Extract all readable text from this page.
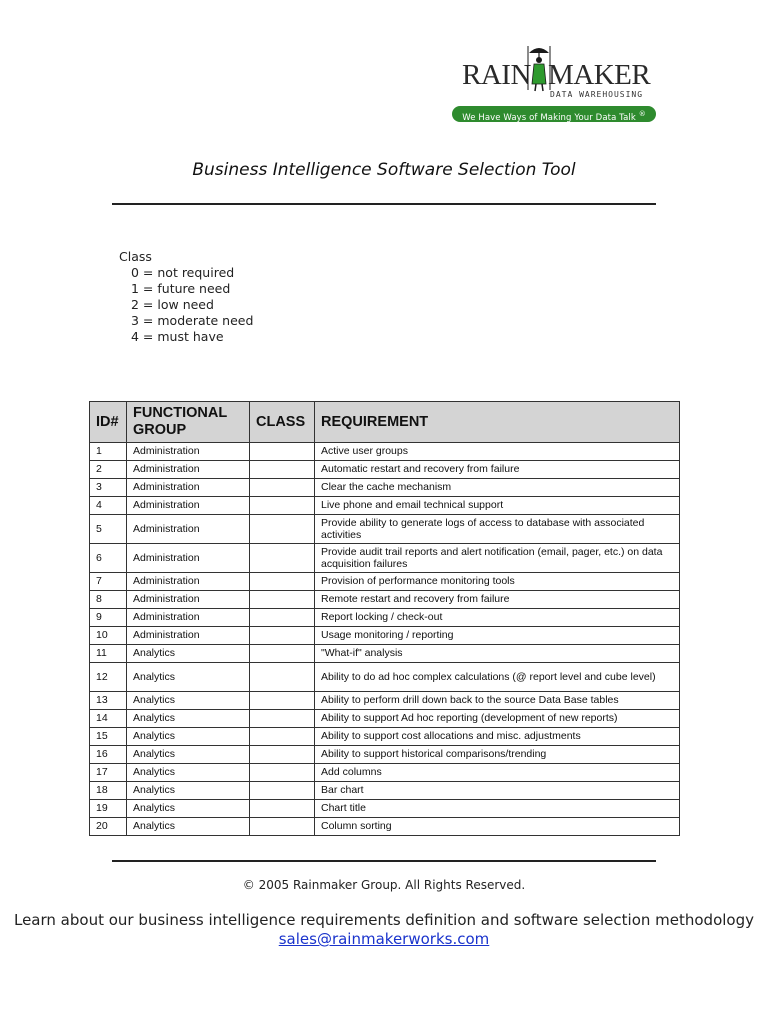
RAIN MAKER
DATA WAREHOUSING
We Have Ways of Making Your Data Talk ®
Business Intelligence Software Selection Tool
Class
0 = not required
1 = future need
2 = low need
3 = moderate need
4 = must have
ID#	FUNCTIONAL GROUP	CLASS	REQUIREMENT
1	Administration		Active user groups
2	Administration		Automatic restart and recovery from failure
3	Administration		Clear the cache mechanism
4	Administration		Live phone and email technical support
5	Administration		Provide ability to generate logs of access to database with associated activities
6	Administration		Provide audit trail reports and alert notification (email, pager, etc.) on data acquisition failures
7	Administration		Provision of performance monitoring tools
8	Administration		Remote restart and recovery from failure
9	Administration		Report locking / check-out
10	Administration		Usage monitoring / reporting
11	Analytics		"What-if" analysis
12	Analytics		Ability to do ad hoc complex calculations (@ report level and cube level)
13	Analytics		Ability to perform drill down back to the source Data Base tables
14	Analytics		Ability to support Ad hoc reporting (development of new reports)
15	Analytics		Ability to support cost allocations and misc. adjustments
16	Analytics		Ability to support historical comparisons/trending
17	Analytics		Add columns
18	Analytics		Bar chart
19	Analytics		Chart title
20	Analytics		Column sorting
© 2005 Rainmaker Group. All Rights Reserved.
Learn about our business intelligence requirements definition and software selection methodology sales@rainmakerworks.com
